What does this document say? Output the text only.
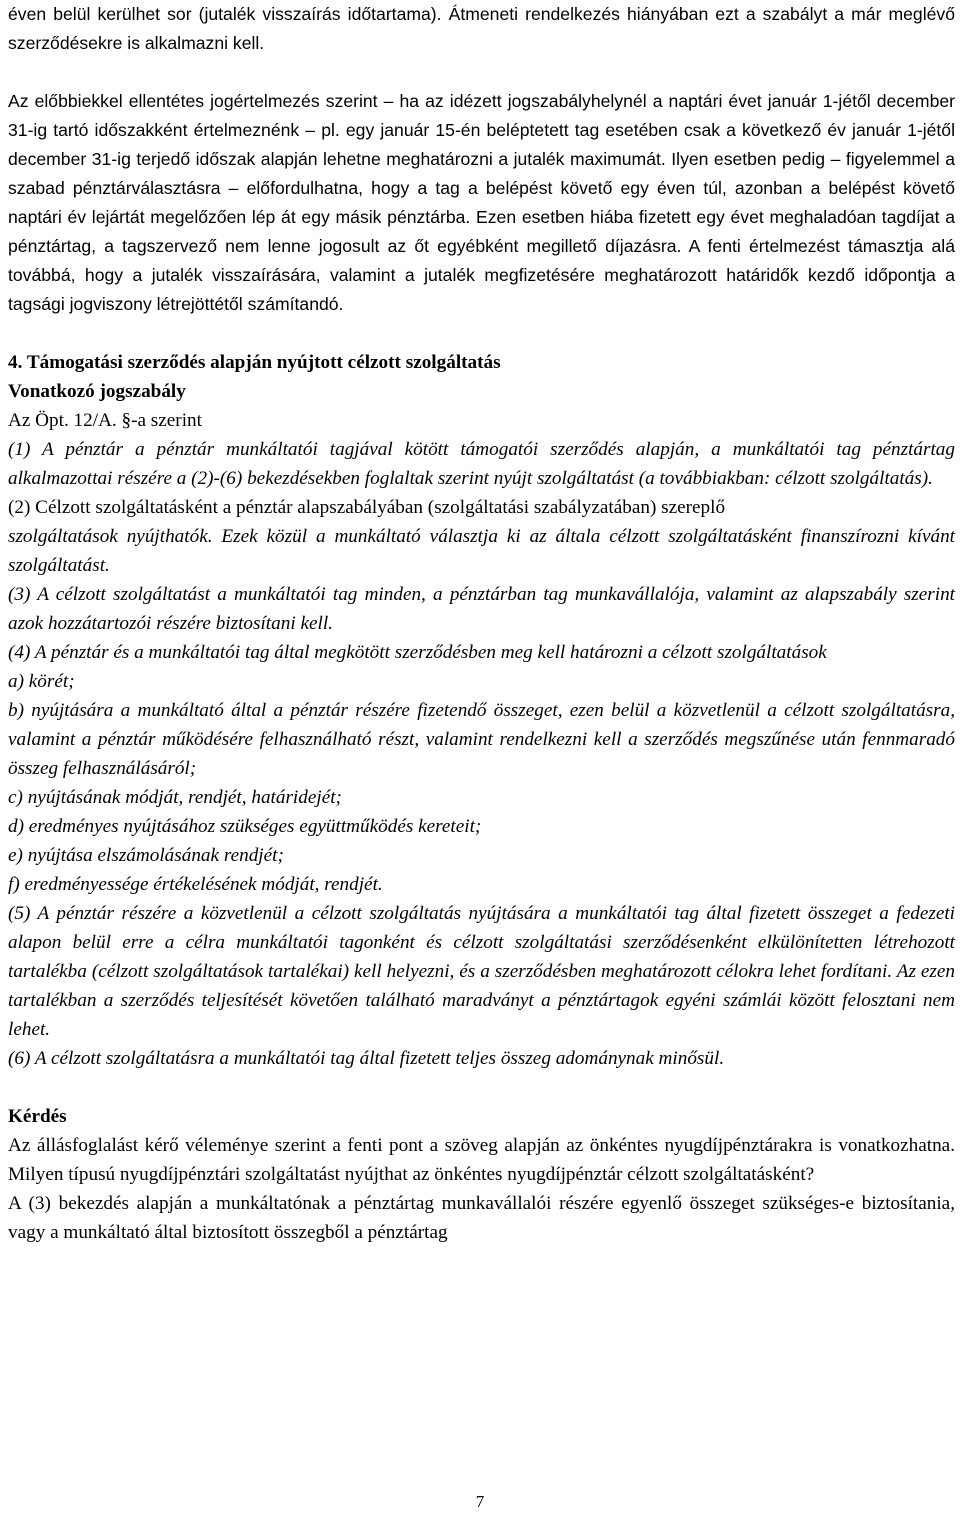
éven belül kerülhet sor (jutalék visszaírás időtartama). Átmeneti rendelkezés hiányában ezt a szabályt a már meglévő szerződésekre is alkalmazni kell.

Az előbbiekkel ellentétes jogértelmezés szerint – ha az idézett jogszabályhelynél a naptári évet január 1-jétől december 31-ig tartó időszakként értelmeznénk – pl. egy január 15-én beléptetett tag esetében csak a következő év január 1-jétől december 31-ig terjedő időszak alapján lehetne meghatározni a jutalék maximumát. Ilyen esetben pedig – figyelemmel a szabad pénztárválasztásra – előfordulhatna, hogy a tag a belépést követő egy éven túl, azonban a belépést követő naptári év lejártát megelőzően lép át egy másik pénztárba. Ezen esetben hiába fizetett egy évet meghaladóan tagdíjat a pénztártag, a tagszervező nem lenne jogosult az őt egyébként megillető díjazásra. A fenti értelmezést támasztja alá továbbá, hogy a jutalék visszaírására, valamint a jutalék megfizetésére meghatározott határidők kezdő időpontja a tagsági jogviszony létrejöttétől számítandó.

4. Támogatási szerződés alapján nyújtott célzott szolgáltatás

Vonatkozó jogszabály

Az Öpt. 12/A. §-a szerint

(1) A pénztár a pénztár munkáltatói tagjával kötött támogatói szerződés alapján, a munkáltatói tag pénztártag alkalmazottai részére a (2)-(6) bekezdésekben foglaltak szerint nyújt szolgáltatást (a továbbiakban: célzott szolgáltatás).

(2) Célzott szolgáltatásként a pénztár alapszabályában (szolgáltatási szabályzatában) szereplő

szolgáltatások nyújthatók. Ezek közül a munkáltató választja ki az általa célzott szolgáltatásként finanszírozni kívánt szolgáltatást.

(3) A célzott szolgáltatást a munkáltatói tag minden, a pénztárban tag munkavállalója, valamint az alapszabály szerint azok hozzátartozói részére biztosítani kell.

(4) A pénztár és a munkáltatói tag által megkötött szerződésben meg kell határozni a célzott szolgáltatások

a) körét;

b) nyújtására a munkáltató által a pénztár részére fizetendő összeget, ezen belül a közvetlenül a célzott szolgáltatásra, valamint a pénztár működésére felhasználható részt, valamint rendelkezni kell a szerződés megszűnése után fennmaradó összeg felhasználásáról;

c) nyújtásának módját, rendjét, határidejét;

d) eredményes nyújtásához szükséges együttműködés kereteit;

e) nyújtása elszámolásának rendjét;

f) eredményessége értékelésének módját, rendjét.

(5) A pénztár részére a közvetlenül a célzott szolgáltatás nyújtására a munkáltatói tag által fizetett összeget a fedezeti alapon belül erre a célra munkáltatói tagonként és célzott szolgáltatási szerződésenként elkülönítetten létrehozott tartalékba (célzott szolgáltatások tartalékai) kell helyezni, és a szerződésben meghatározott célokra lehet fordítani. Az ezen tartalékban a szerződés teljesítését követően található maradványt a pénztártagok egyéni számlái között felosztani nem lehet.

(6) A célzott szolgáltatásra a munkáltatói tag által fizetett teljes összeg adománynak minősül.

Kérdés

Az állásfoglalást kérő véleménye szerint a fenti pont a szöveg alapján az önkéntes nyugdíjpénztárakra is vonatkozhatna. Milyen típusú nyugdíjpénztári szolgáltatást nyújthat az önkéntes nyugdíjpénztár célzott szolgáltatásként?

A (3) bekezdés alapján a munkáltatónak a pénztártag munkavállalói részére egyenlő összeget szükséges-e biztosítania, vagy a munkáltató által biztosított összegből a pénztártag

7
